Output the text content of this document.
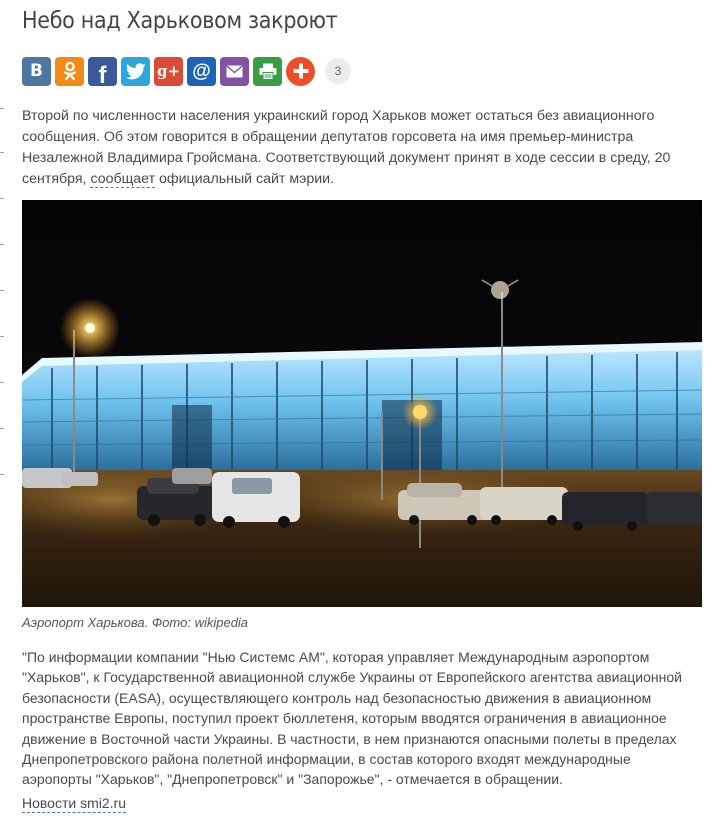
Небо над Харьковом закроют
B f	g+ @	3

Второй по численности населения украинский город Харьков может остаться без авиационного сообщения. Об этом говорится в обращении депутатов горсовета на имя премьер-министра Незалежной Владимира Гройсмана. Соответствующий документ принят в ходе сессии в среду, 20 сентября, сообщает официальный сайт мэрии.

Аэропорт Харькова. Фото: wikipedia

"По информации компании "Нью Системс АМ", которая управляет Международным аэропортом "Харьков", к Государственной авиационной службе Украины от Европейского агентства авиационной безопасности (EASA), осуществляющего контроль над безопасностью движения в авиационном пространстве Европы, поступил проект бюллетеня, которым вводятся ограничения в авиационное движение в Восточной части Украины. В частности, в нем признаются опасными полеты в пределах Днепропетровского района полетной информации, в состав которого входят международные аэропорты "Харьков", "Днепропетровск" и "Запорожье", - отмечается в обращении.

Новости smi2.ru
